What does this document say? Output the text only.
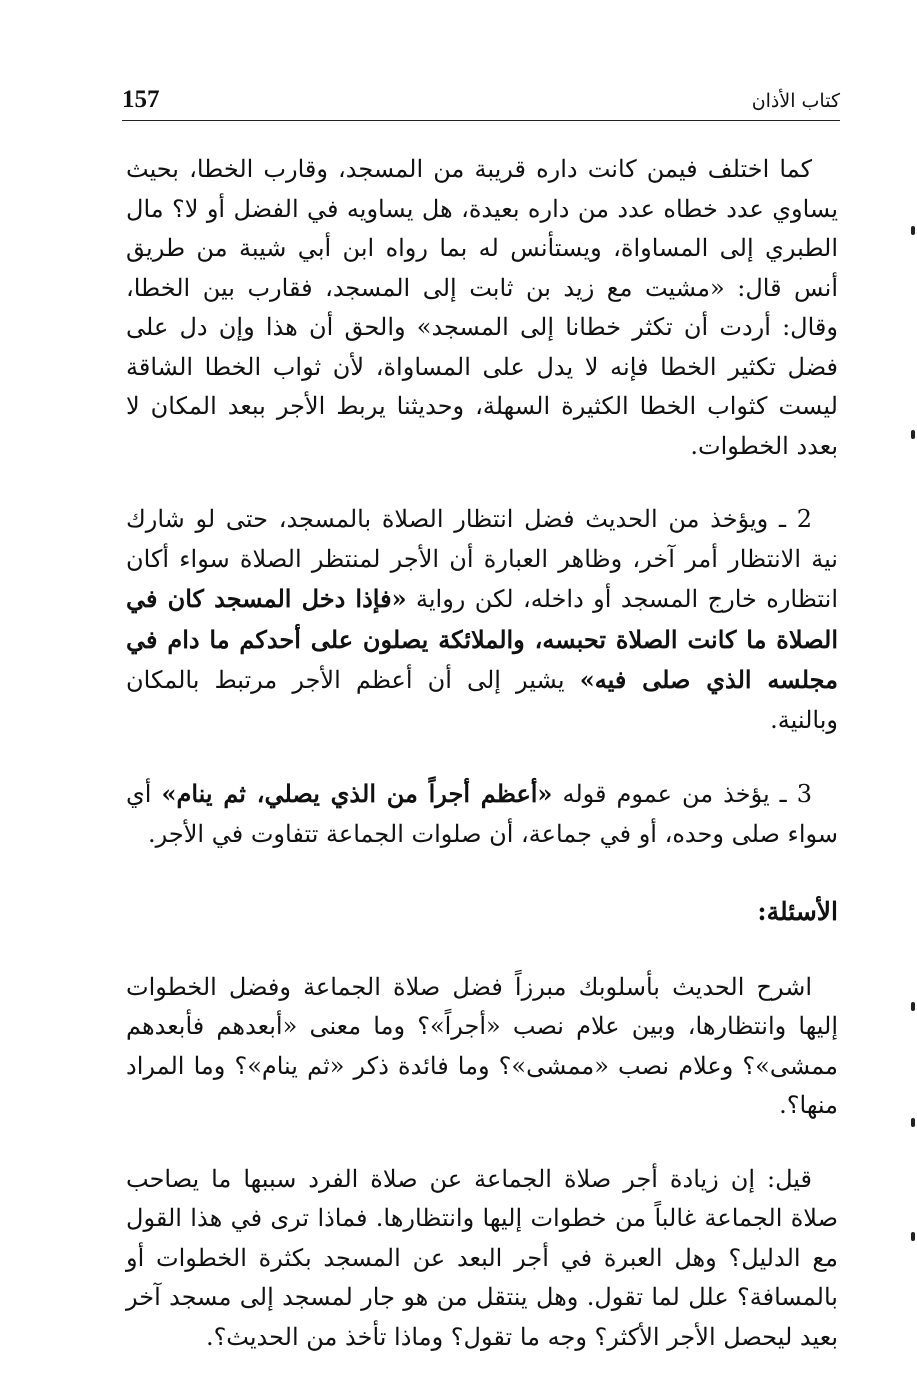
157	كتاب الأذان

كما اختلف فيمن كانت داره قريبة من المسجد، وقارب الخطا، بحيث يساوي عدد خطاه عدد من داره بعيدة، هل يساويه في الفضل أو لا؟ مال الطبري إلى المساواة، ويستأنس له بما رواه ابن أبي شيبة من طريق أنس قال: «مشيت مع زيد بن ثابت إلى المسجد، فقارب بين الخطا، وقال: أردت أن تكثر خطانا إلى المسجد» والحق أن هذا وإن دل على فضل تكثير الخطا فإنه لا يدل على المساواة، لأن ثواب الخطا الشاقة ليست كثواب الخطا الكثيرة السهلة، وحديثنا يربط الأجر ببعد المكان لا بعدد الخطوات.

2 ـ ويؤخذ من الحديث فضل انتظار الصلاة بالمسجد، حتى لو شارك نية الانتظار أمر آخر، وظاهر العبارة أن الأجر لمنتظر الصلاة سواء أكان انتظاره خارج المسجد أو داخله، لكن رواية «فإذا دخل المسجد كان في الصلاة ما كانت الصلاة تحبسه، والملائكة يصلون على أحدكم ما دام في مجلسه الذي صلى فيه» يشير إلى أن أعظم الأجر مرتبط بالمكان وبالنية.

3 ـ يؤخذ من عموم قوله «أعظم أجراً من الذي يصلي، ثم ينام» أي سواء صلى وحده، أو في جماعة، أن صلوات الجماعة تتفاوت في الأجر.

الأسئلة:

اشرح الحديث بأسلوبك مبرزاً فضل صلاة الجماعة وفضل الخطوات إليها وانتظارها، وبين علام نصب «أجراً»؟ وما معنى «أبعدهم فأبعدهم ممشى»؟ وعلام نصب «ممشى»؟ وما فائدة ذكر «ثم ينام»؟ وما المراد منها؟.

قيل: إن زيادة أجر صلاة الجماعة عن صلاة الفرد سببها ما يصاحب صلاة الجماعة غالباً من خطوات إليها وانتظارها. فماذا ترى في هذا القول مع الدليل؟ وهل العبرة في أجر البعد عن المسجد بكثرة الخطوات أو بالمسافة؟ علل لما تقول. وهل ينتقل من هو جار لمسجد إلى مسجد آخر بعيد ليحصل الأجر الأكثر؟ وجه ما تقول؟ وماذا تأخذ من الحديث؟.
